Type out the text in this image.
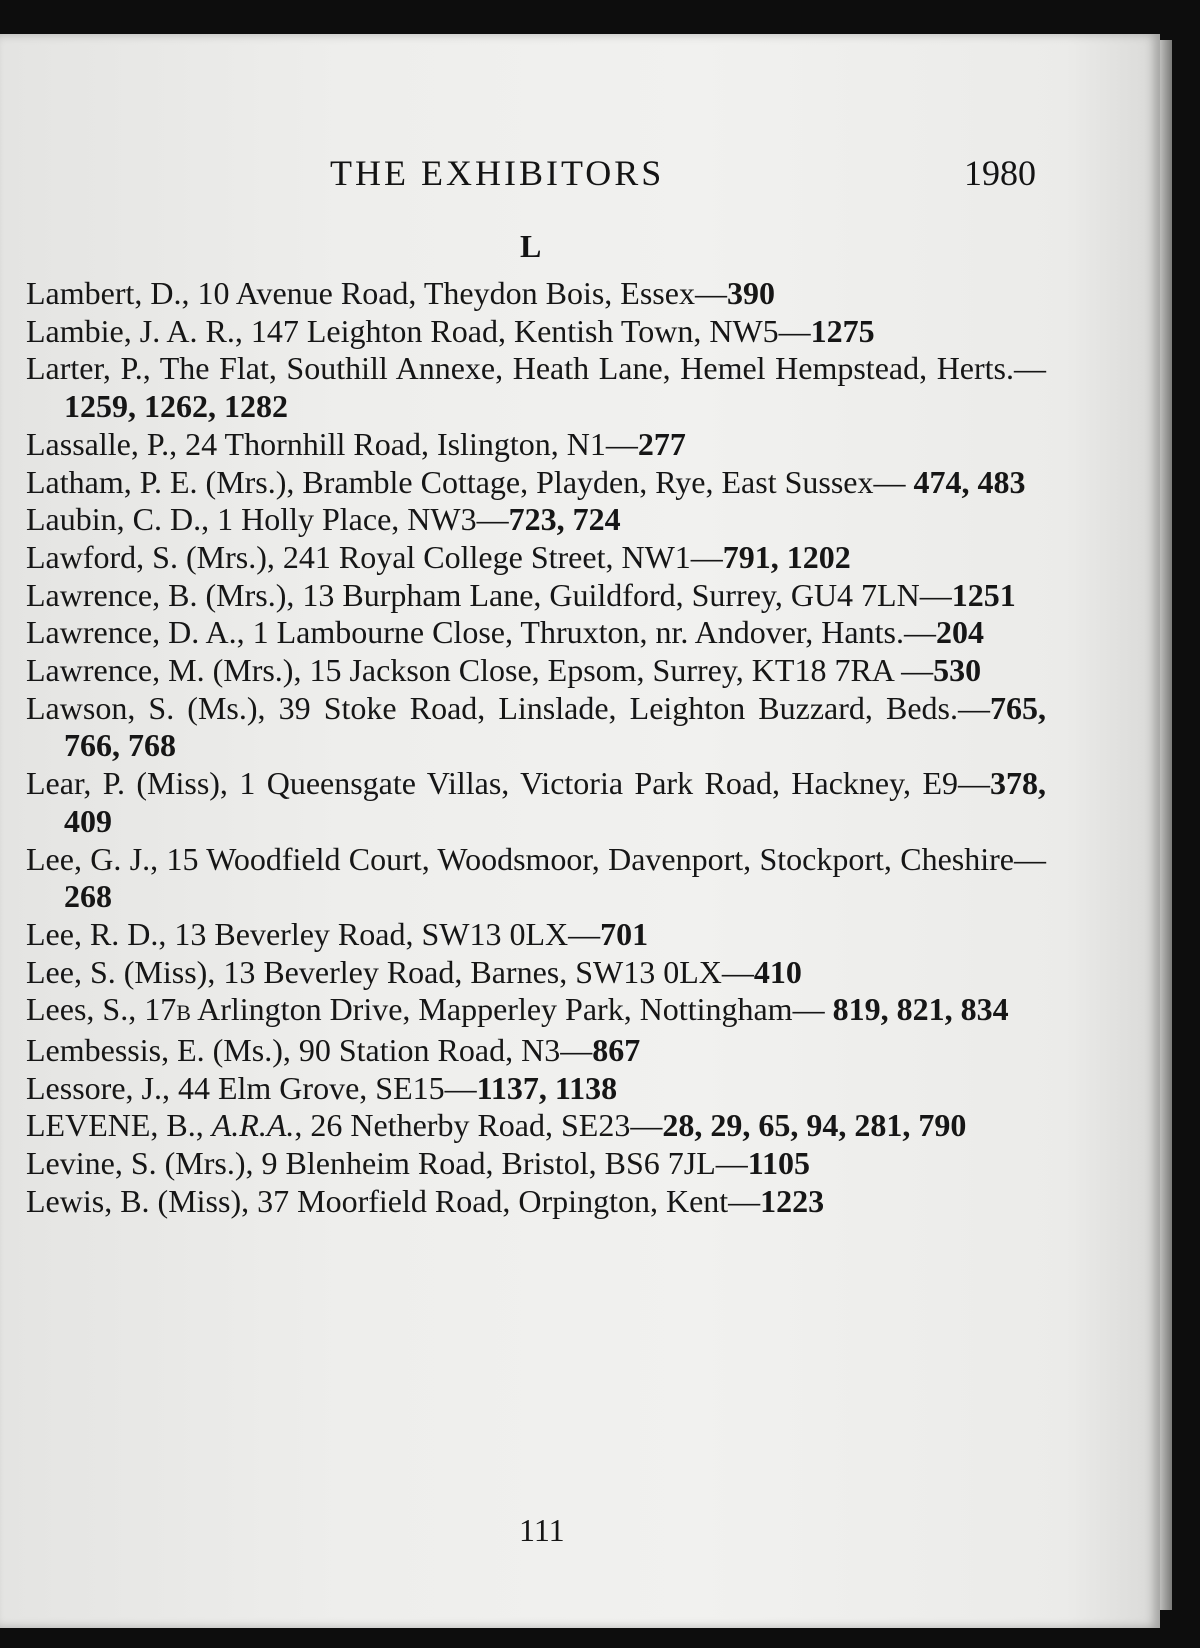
THE EXHIBITORS	1980
L

Lambert, D., 10 Avenue Road, Theydon Bois, Essex—390

Lambie, J. A. R., 147 Leighton Road, Kentish Town, NW5—1275

Larter, P., The Flat, Southill Annexe, Heath Lane, Hemel Hempstead, Herts.—1259, 1262, 1282

Lassalle, P., 24 Thornhill Road, Islington, N1—277

Latham, P. E. (Mrs.), Bramble Cottage, Playden, Rye, East Sussex— 474, 483

Laubin, C. D., 1 Holly Place, NW3—723, 724

Lawford, S. (Mrs.), 241 Royal College Street, NW1—791, 1202

Lawrence, B. (Mrs.), 13 Burpham Lane, Guildford, Surrey, GU4 7LN—1251

Lawrence, D. A., 1 Lambourne Close, Thruxton, nr. Andover, Hants.—204

Lawrence, M. (Mrs.), 15 Jackson Close, Epsom, Surrey, KT18 7RA —530

Lawson, S. (Ms.), 39 Stoke Road, Linslade, Leighton Buzzard, Beds.—765, 766, 768

Lear, P. (Miss), 1 Queensgate Villas, Victoria Park Road, Hackney, E9—378, 409

Lee, G. J., 15 Woodfield Court, Woodsmoor, Davenport, Stockport, Cheshire—268

Lee, R. D., 13 Beverley Road, SW13 0LX—701

Lee, S. (Miss), 13 Beverley Road, Barnes, SW13 0LX—410

Lees, S., 17B Arlington Drive, Mapperley Park, Nottingham— 819, 821, 834

Lembessis, E. (Ms.), 90 Station Road, N3—867

Lessore, J., 44 Elm Grove, SE15—1137, 1138

LEVENE, B., A.R.A., 26 Netherby Road, SE23—28, 29, 65, 94, 281, 790

Levine, S. (Mrs.), 9 Blenheim Road, Bristol, BS6 7JL—1105

Lewis, B. (Miss), 37 Moorfield Road, Orpington, Kent—1223

111
